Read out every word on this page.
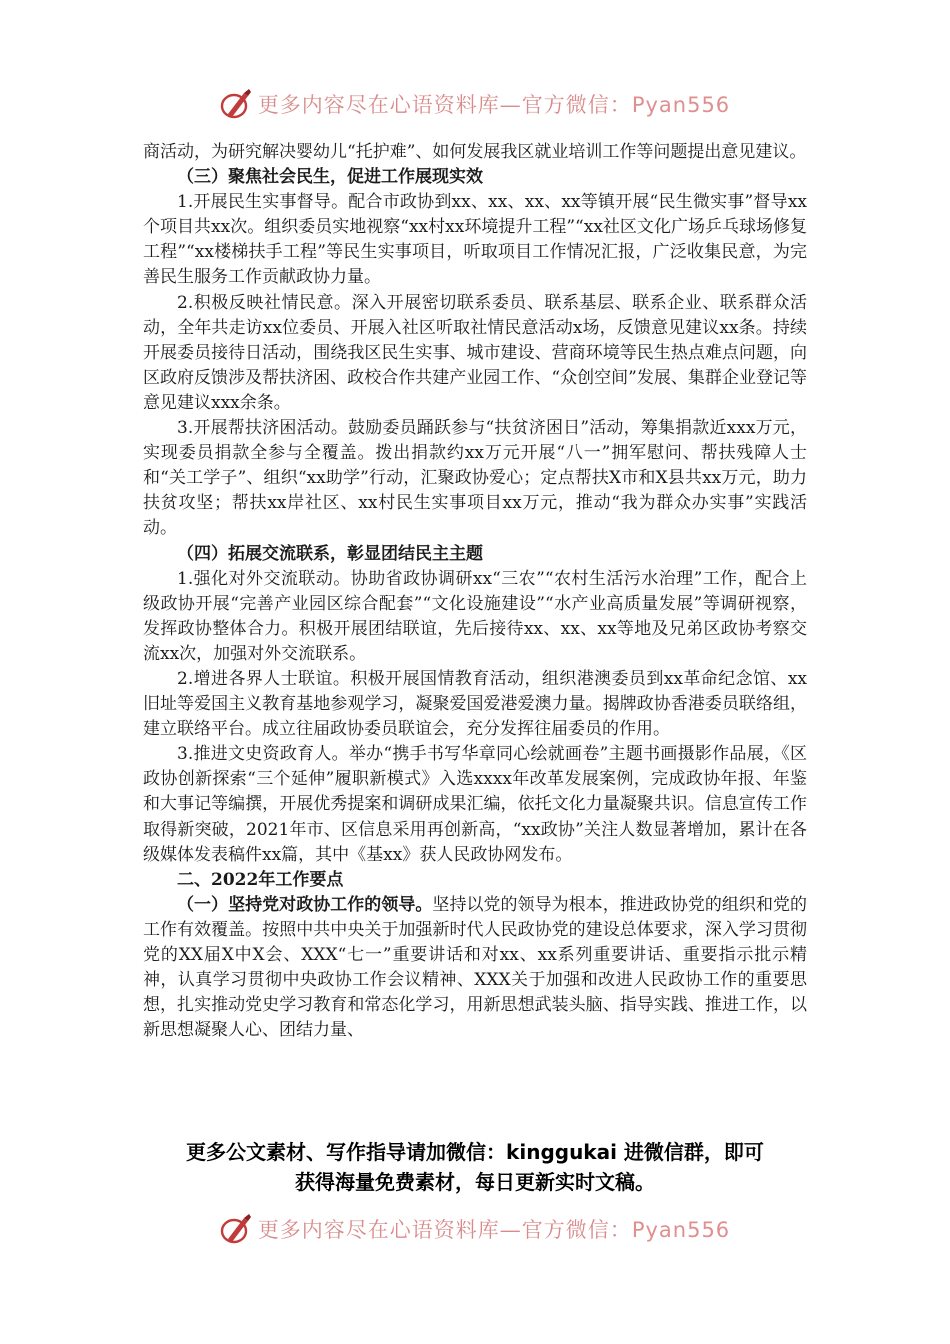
更多内容尽在心语资料库—官方微信：Pyan556

商活动，为研究解决婴幼儿“托护难”、如何发展我区就业培训工作等问题提出意见建议。

（三）聚焦社会民生，促进工作展现实效

1.开展民生实事督导。配合市政协到xx、xx、xx、xx等镇开展“民生微实事”督导xx个项目共xx次。组织委员实地视察“xx村xx环境提升工程”“xx社区文化广场乒乓球场修复工程”“xx楼梯扶手工程”等民生实事项目，听取项目工作情况汇报，广泛收集民意，为完善民生服务工作贡献政协力量。

2.积极反映社情民意。深入开展密切联系委员、联系基层、联系企业、联系群众活动，全年共走访xx位委员、开展入社区听取社情民意活动x场，反馈意见建议xx条。持续开展委员接待日活动，围绕我区民生实事、城市建设、营商环境等民生热点难点问题，向区政府反馈涉及帮扶济困、政校合作共建产业园工作、“众创空间”发展、集群企业登记等意见建议xxx余条。

3.开展帮扶济困活动。鼓励委员踊跃参与“扶贫济困日”活动，筹集捐款近xxx万元，实现委员捐款全参与全覆盖。拨出捐款约xx万元开展“八一”拥军慰问、帮扶残障人士和“关工学子”、组织“xx助学”行动，汇聚政协爱心；定点帮扶X市和X县共xx万元，助力扶贫攻坚；帮扶xx岸社区、xx村民生实事项目xx万元，推动“我为群众办实事”实践活动。

（四）拓展交流联系，彰显团结民主主题

1.强化对外交流联动。协助省政协调研xx“三农”“农村生活污水治理”工作，配合上级政协开展“完善产业园区综合配套”“文化设施建设”“水产业高质量发展”等调研视察，发挥政协整体合力。积极开展团结联谊，先后接待xx、xx、xx等地及兄弟区政协考察交流xx次，加强对外交流联系。

2.增进各界人士联谊。积极开展国情教育活动，组织港澳委员到xx革命纪念馆、xx旧址等爱国主义教育基地参观学习，凝聚爱国爱港爱澳力量。揭牌政协香港委员联络组，建立联络平台。成立往届政协委员联谊会，充分发挥往届委员的作用。

3.推进文史资政育人。举办“携手书写华章同心绘就画卷”主题书画摄影作品展，《区政协创新探索“三个延伸”履职新模式》入选xxxx年改革发展案例，完成政协年报、年鉴和大事记等编撰，开展优秀提案和调研成果汇编，依托文化力量凝聚共识。信息宣传工作取得新突破，2021年市、区信息采用再创新高，“xx政协”关注人数显著增加，累计在各级媒体发表稿件xx篇，其中《基xx》获人民政协网发布。

二、2022年工作要点

（一）坚持党对政协工作的领导。坚持以党的领导为根本，推进政协党的组织和党的工作有效覆盖。按照中共中央关于加强新时代人民政协党的建设总体要求，深入学习贯彻党的XX届X中X会、XXX“七一”重要讲话和对xx、xx系列重要讲话、重要指示批示精神，认真学习贯彻中央政协工作会议精神、XXX关于加强和改进人民政协工作的重要思想，扎实推动党史学习教育和常态化学习，用新思想武装头脑、指导实践、推进工作，以新思想凝聚人心、团结力量、

更多公文素材、写作指导请加微信：kinggukai 进微信群，即可
获得海量免费素材，每日更新实时文稿。
更多内容尽在心语资料库—官方微信：Pyan556
